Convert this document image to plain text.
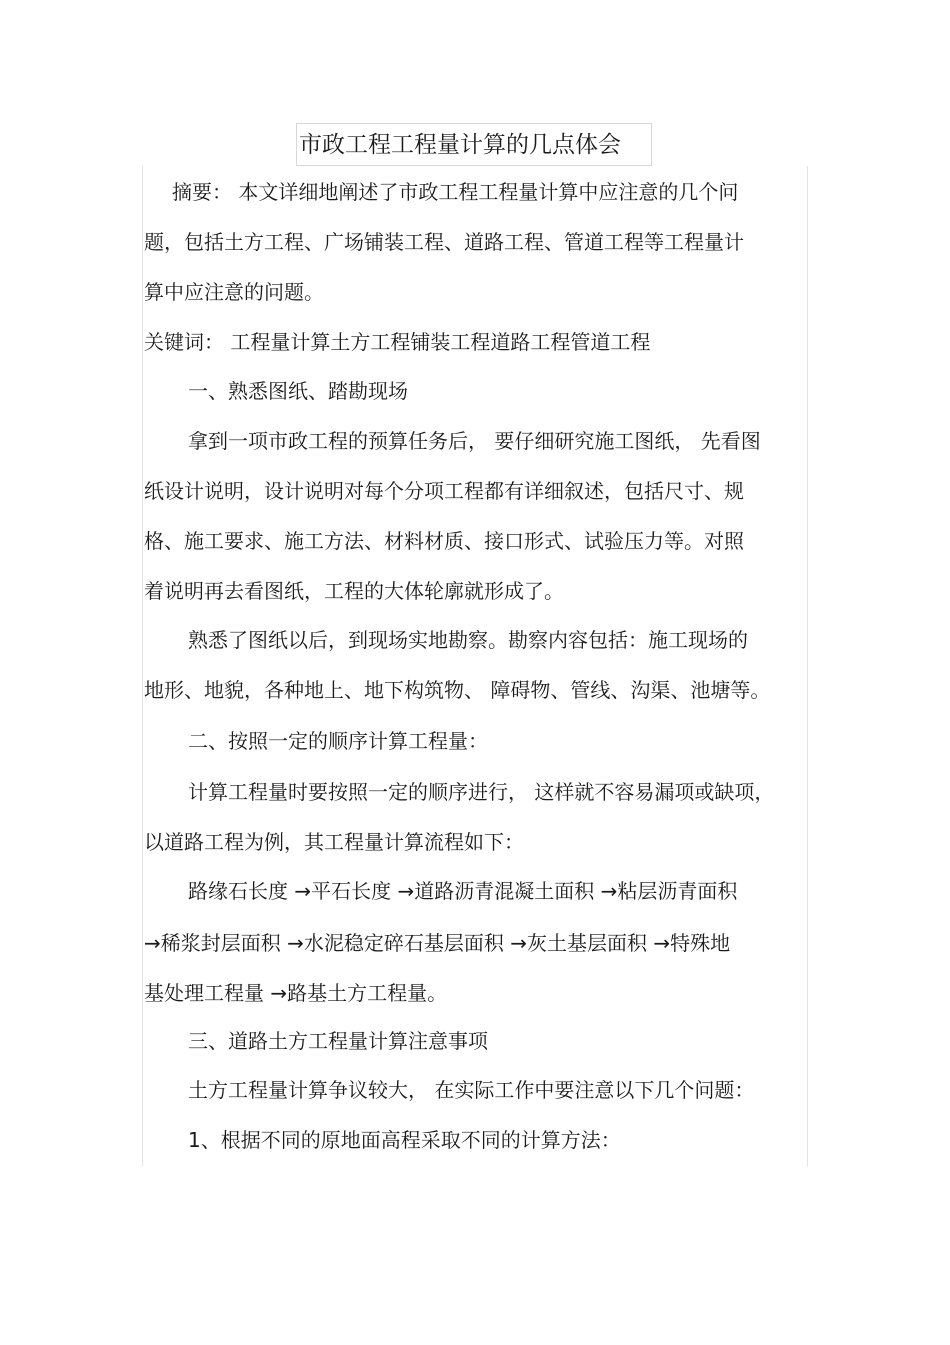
市政工程工程量计算的几点体会
摘要： 本文详细地阐述了市政工程工程量计算中应注意的几个问
题，包括土方工程、广场铺装工程、道路工程、管道工程等工程量计
算中应注意的问题。
关键词： 工程量计算土方工程铺装工程道路工程管道工程
一、熟悉图纸、踏勘现场
拿到一项市政工程的预算任务后， 要仔细研究施工图纸， 先看图
纸设计说明，设计说明对每个分项工程都有详细叙述，包括尺寸、规
格、施工要求、施工方法、材料材质、接口形式、试验压力等。对照
着说明再去看图纸，工程的大体轮廓就形成了。
熟悉了图纸以后，到现场实地勘察。勘察内容包括：施工现场的
地形、地貌，各种地上、地下构筑物、 障碍物、管线、沟渠、池塘等。
二、按照一定的顺序计算工程量：
计算工程量时要按照一定的顺序进行， 这样就不容易漏项或缺项，
以道路工程为例，其工程量计算流程如下：
路缘石长度 →平石长度 →道路沥青混凝土面积 →粘层沥青面积
→稀浆封层面积 →水泥稳定碎石基层面积 →灰土基层面积 →特殊地
基处理工程量 →路基土方工程量。
三、道路土方工程量计算注意事项
土方工程量计算争议较大， 在实际工作中要注意以下几个问题：
1、根据不同的原地面高程采取不同的计算方法：
